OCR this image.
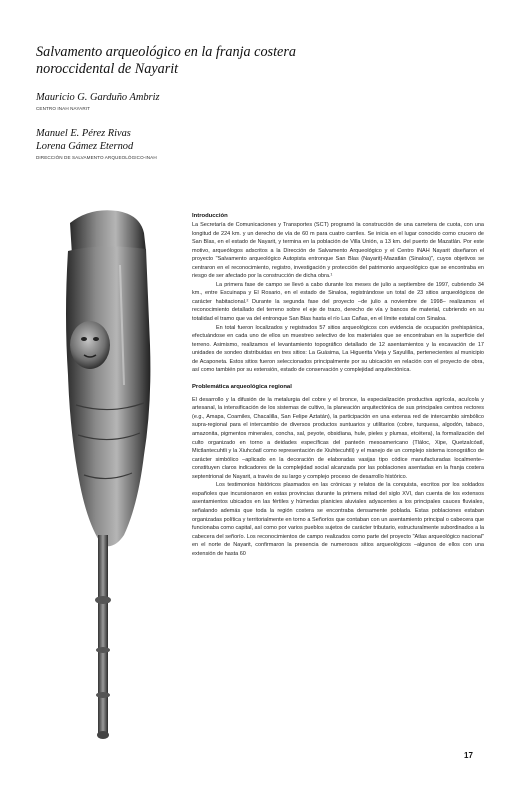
Salvamento arqueológico en la franja costera
noroccidental de Nayarit
Mauricio G. Garduño Ambriz
CENTRO INAH NAYARIT
Manuel E. Pérez Rivas
Lorena Gámez Eternod
DIRECCIÓN DE SALVAMENTO ARQUEOLÓGICO-INAH
Introducción

La Secretaría de Comunicaciones y Transportes (SCT) programó la construcción de una carretera de cuota, con una longitud de 224 km. y un derecho de vía de 60 m para cuatro carriles. Se inicia en el lugar conocido como crucero de San Blas, en el estado de Nayarit, y termina en la población de Villa Unión, a 13 km. del puerto de Mazatlán. Por este motivo, arqueólogos adscritos a la Dirección de Salvamento Arqueológico y el Centro INAH Nayarit diseñaron el proyecto "Salvamento arqueológico Autopista entronque San Blas (Nayarit)-Mazatlán (Sinaloa)", cuyos objetivos se centraron en el reconocimiento, registro, investigación y protección del patrimonio arqueológico que se encontraba en riesgo de ser afectado por la construcción de dicha obra.¹

La primera fase de campo se llevó a cabo durante los meses de julio a septiembre de 1997, cubriendo 34 km., entre Escuinapa y El Rosario, en el estado de Sinaloa, registrándose un total de 23 sitios arqueológicos de carácter habitacional.² Durante la segunda fase del proyecto –de julio a noviembre de 1998– realizamos el reconocimiento detallado del terreno sobre el eje de trazo, derecho de vía y bancos de material, cubriendo en su totalidad el tramo que va del entronque San Blas hasta el río Las Cañas, en el límite estatal con Sinaloa.

En total fueron localizados y registrados 57 sitios arqueológicos con evidencia de ocupación prehispánica, efectuándose en cada uno de ellos un muestreo selectivo de los materiales que se encontraban en la superficie del terreno. Asimismo, realizamos el levantamiento topográfico detallado de 12 asentamientos y la excavación de 17 unidades de sondeo distribuidas en tres sitios: La Guásima, La Higuerita Vieja y Sayulilla, pertenecientes al municipio de Acaponeta. Estos sitios fueron seleccionados principalmente por su ubicación en relación con el proyecto de obra, así como también por su extensión, estado de conservación y complejidad arquitectónica.

Problemática arqueológica regional

El desarrollo y la difusión de la metalurgia del cobre y el bronce, la especialización productiva agrícola, acuícola y artesanal, la intensificación de los sistemas de cultivo, la planeación arquitectónica de sus principales centros rectores (e.g., Amapa, Coamiles, Chacalilla, San Felipe Aztatán), la participación en una extensa red de intercambio simbólico supra-regional para el intercambio de diversos productos suntuarios y utilitarios (cobre, turquesa, algodón, tabaco, amazonita, pigmentos minerales, concha, sal, peyote, obsidiana, hule, pieles y plumas, etcétera), la formalización del culto organizado en torno a deidades específicas del panteón mesoamericano (Tláloc, Xipe, Quetzalcóatl, Mictlantecuhtli y la Xiuhcóatl como representación de Xiuhtecuhtli) y el manejo de un complejo sistema iconográfico de carácter simbólico –aplicado en la decoración de elaboradas vasijas tipo códice manufacturadas localmente– constituyen claros indicadores de la complejidad social alcanzada por las poblaciones asentadas en la franja costera septentrional de Nayarit, a través de su largo y complejo proceso de desarrollo histórico.

Los testimonios históricos plasmados en las crónicas y relatos de la conquista, escritos por los soldados españoles que incursionaron en estas provincias durante la primera mitad del siglo XVI, dan cuenta de los extensos asentamientos ubicados en las fértiles y húmedas planicies aluviales adyacentes a los principales cauces fluviales, señalando además que toda la región costera se encontraba densamente poblada. Estas poblaciones estaban organizadas política y territorialmente en torno a Señoríos que contaban con un asentamiento principal o cabecera que funcionaba como capital, así como por varios pueblos sujetos de carácter tributario, estructuralmente subordinados a la cabecera del señorío. Los reconocimientos de campo realizados como parte del proyecto "Atlas arqueológico nacional" en el norte de Nayarit, confirmaron la presencia de numerosos sitios arqueológicos –algunos de ellos con una extensión de hasta 60

17
